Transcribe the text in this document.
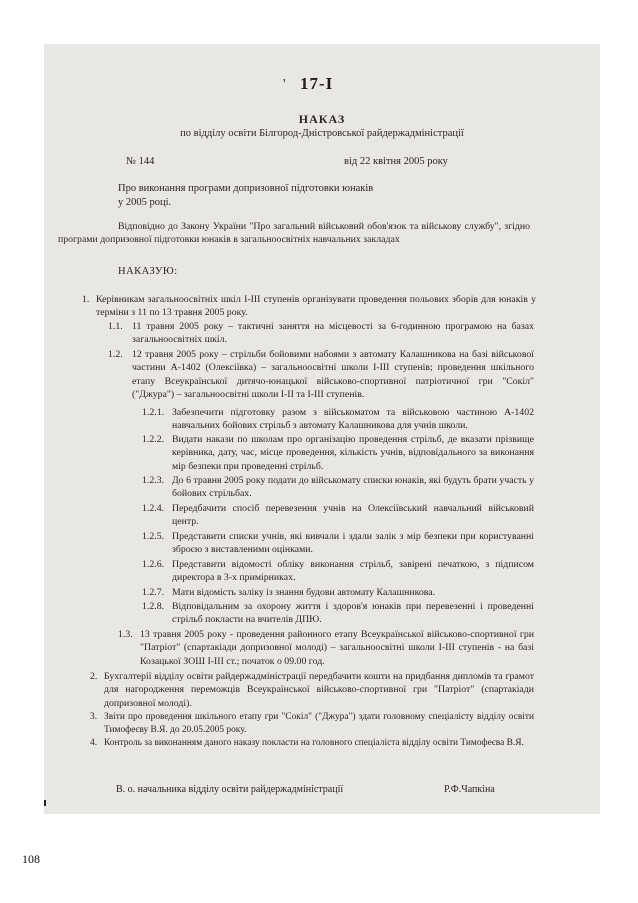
' 17-І
НАКАЗ
по відділу освіти Білгород-Дністровської райдержадміністрації
№ 144	від 22 квітня 2005 року
Про виконання програми допризовної підготовки юнаків у 2005 році.
Відповідно до Закону України "Про загальний військовий обов'язок та військову службу", згідно програми допризовної підготовки юнаків в загальноосвітніх навчальних закладах
НАКАЗУЮ:
1. Керівникам загальноосвітніх шкіл І-ІІІ ступенів організувати проведення польових зборів для юнаків у терміни з 11 по 13 травня 2005 року.
1.1. 11 травня 2005 року – тактичні заняття на місцевості за 6-годинною програмою на базах загальноосвітніх шкіл.
1.2. 12 травня 2005 року – стрільби бойовими набоями з автомату Калашникова на базі військової частини А-1402 (Олексіївка) – загальноосвітні школи І-ІІІ ступенів; проведення шкільного етапу Всеукраїнської дитячо-юнацької військово-спортивної патріотичної гри "Сокіл" ("Джура") – загальноосвітні школи І-ІІ та І-ІІІ ступенів.
1.2.1. Забезпечити підготовку разом з військоматом та військовою частиною А-1402 навчальних бойових стрільб з автомату Калашникова для учнів школи.
1.2.2. Видати накази по школам про організацію проведення стрільб, де вказати прізвище керівника, дату, час, місце проведення, кількість учнів, відповідального за виконання мір безпеки при проведенні стрільб.
1.2.3. До 6 травня 2005 року подати до військомату списки юнаків, які будуть брати участь у бойових стрільбах.
1.2.4. Передбачити спосіб перевезення учнів на Олексіївський навчальний військовий центр.
1.2.5. Представити списки учнів, які вивчали і здали залік з мір безпеки при користуванні зброєю з виставленими оцінками.
1.2.6. Представити відомості обліку виконання стрільб, завірені печаткою, з підписом директора в 3-х примірниках.
1.2.7. Мати відомість заліку із знання будови автомату Калашникова.
1.2.8. Відповідальним за охорону життя і здоров'я юнаків при перевезенні і проведенні стрільб покласти на вчителів ДПЮ.
1.3. 13 травня 2005 року - проведення районного етапу Всеукраїнської військово-спортивної гри "Патріот" (спартакіади допризовної молоді) – загальноосвітні школи І-ІІІ ступенів - на базі Козацької ЗОШ І-ІІІ ст.; початок о 09.00 год.
2. Бухгалтерії відділу освіти райдержадміністрації передбачити кошти на придбання дипломів та грамот для нагородження переможців Всеукраїнської військово-спортивної гри "Патріот" (спартакіади допризовної молоді).
3. Звіти про проведення шкільного етапу гри "Сокіл" ("Джура") здати головному спеціалісту відділу освіти Тимофеєву В.Я. до 20.05.2005 року.
4. Контроль за виконанням даного наказу покласти на головного спеціаліста відділу освіти Тимофеєва В.Я.
В. о. начальника відділу освіти райдержадміністрації	Р.Ф.Чапкіна
108
